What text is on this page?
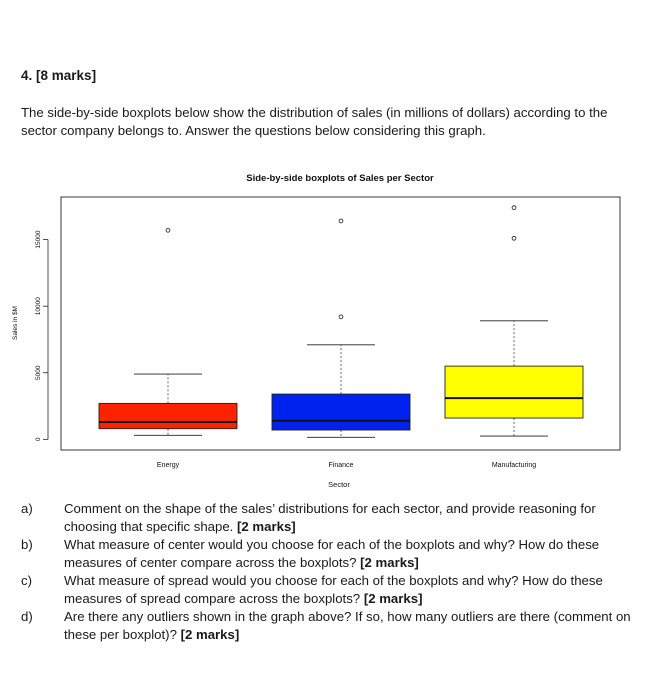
4. [8 marks]

The side-by-side boxplots below show the distribution of sales (in millions of dollars) according to the sector company belongs to. Answer the questions below considering this graph.

Side-by-side boxplots of Sales per Sector
0
5000
10000
15000
Energy	Finance	Manufacturing
Sector
Sales in $M
a) Comment on the shape of the sales’ distributions for each sector, and provide reasoning for choosing that specific shape. [2 marks]
b) What measure of center would you choose for each of the boxplots and why? How do these measures of center compare across the boxplots? [2 marks]
c) What measure of spread would you choose for each of the boxplots and why? How do these measures of spread compare across the boxplots? [2 marks]
d) Are there any outliers shown in the graph above? If so, how many outliers are there (comment on these per boxplot)? [2 marks]
